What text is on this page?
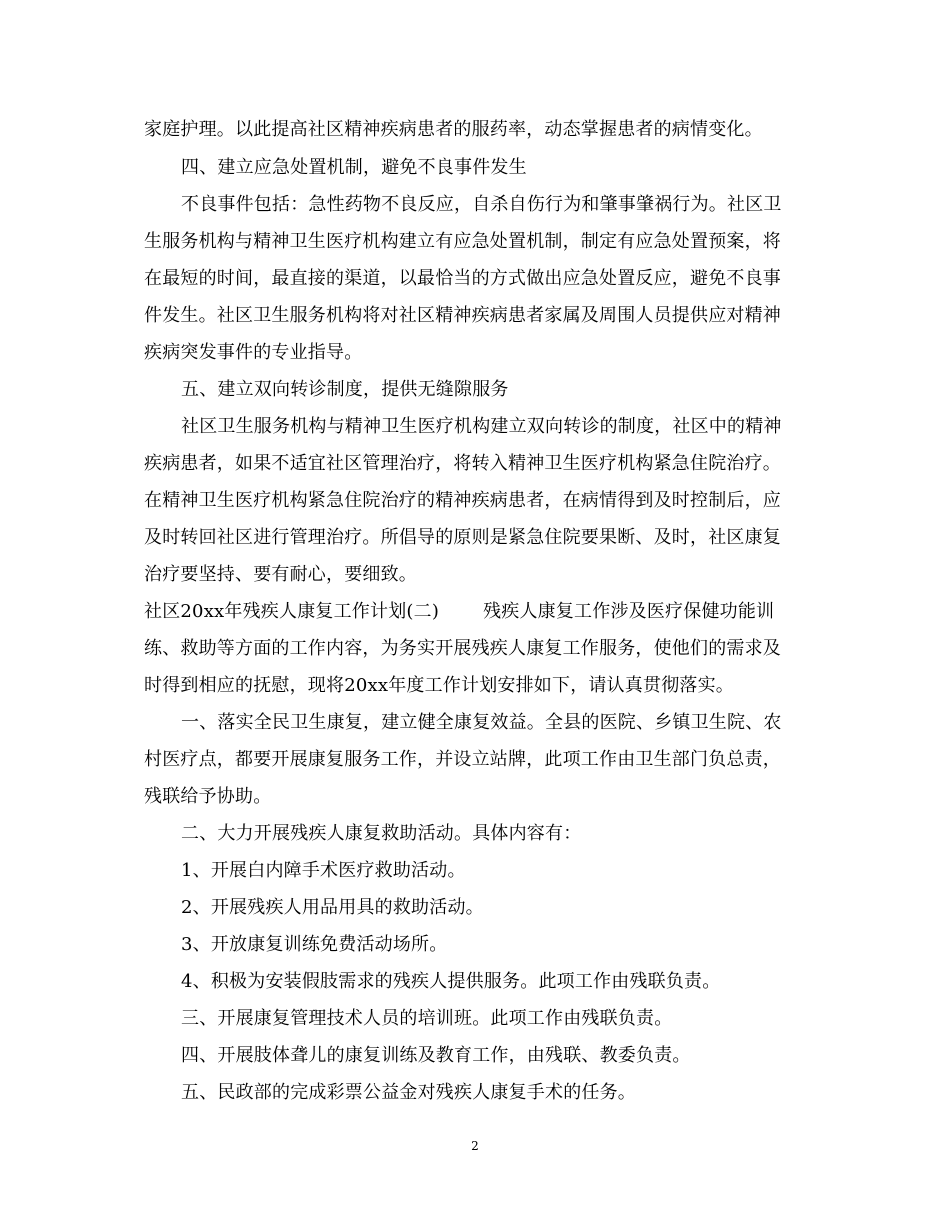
家庭护理。以此提高社区精神疾病患者的服药率，动态掌握患者的病情变化。
四、建立应急处置机制，避免不良事件发生
不良事件包括：急性药物不良反应，自杀自伤行为和肇事肇祸行为。社区卫
生服务机构与精神卫生医疗机构建立有应急处置机制，制定有应急处置预案，将
在最短的时间，最直接的渠道，以最恰当的方式做出应急处置反应，避免不良事
件发生。社区卫生服务机构将对社区精神疾病患者家属及周围人员提供应对精神
疾病突发事件的专业指导。
五、建立双向转诊制度，提供无缝隙服务
社区卫生服务机构与精神卫生医疗机构建立双向转诊的制度，社区中的精神
疾病患者，如果不适宜社区管理治疗，将转入精神卫生医疗机构紧急住院治疗。
在精神卫生医疗机构紧急住院治疗的精神疾病患者，在病情得到及时控制后，应
及时转回社区进行管理治疗。所倡导的原则是紧急住院要果断、及时，社区康复
治疗要坚持、要有耐心，要细致。
社区20xx年残疾人康复工作计划(二) 残疾人康复工作涉及医疗保健功能训
练、救助等方面的工作内容，为务实开展残疾人康复工作服务，使他们的需求及
时得到相应的抚慰，现将20xx年度工作计划安排如下，请认真贯彻落实。
一、落实全民卫生康复，建立健全康复效益。全县的医院、乡镇卫生院、农
村医疗点，都要开展康复服务工作，并设立站牌，此项工作由卫生部门负总责，
残联给予协助。
二、大力开展残疾人康复救助活动。具体内容有：
1、开展白内障手术医疗救助活动。
2、开展残疾人用品用具的救助活动。
3、开放康复训练免费活动场所。
4、积极为安装假肢需求的残疾人提供服务。此项工作由残联负责。
三、开展康复管理技术人员的培训班。此项工作由残联负责。
四、开展肢体聋儿的康复训练及教育工作，由残联、教委负责。
五、民政部的完成彩票公益金对残疾人康复手术的任务。
2
